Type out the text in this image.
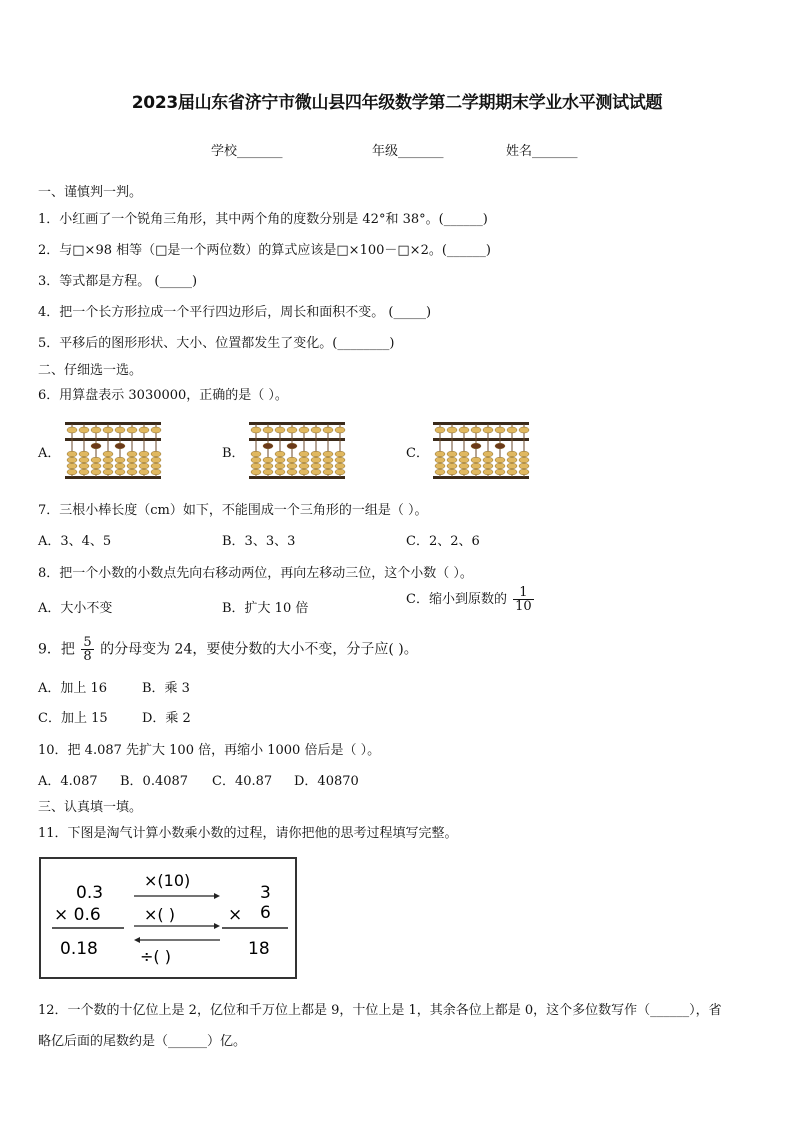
2023届山东省济宁市微山县四年级数学第二学期期末学业水平测试试题
学校_______	年级_______	姓名_______
一、谨慎判一判。
1．小红画了一个锐角三角形，其中两个角的度数分别是 42°和 38°。(______)
2．与□×98 相等（□是一个两位数）的算式应该是□×100－□×2。(______)
3．等式都是方程。 (_____)
4．把一个长方形拉成一个平行四边形后，周长和面积不变。 (_____)
5．平移后的图形形状、大小、位置都发生了变化。(________)
二、仔细选一选。
6．用算盘表示 3030000，正确的是（ ）。
A．	B．	C．
7．三根小棒长度（cm）如下，不能围成一个三角形的一组是（ ）。
A．3、4、5	B．3、3、3	C．2、2、6
8．把一个小数的小数点先向右移动两位，再向左移动三位，这个小数（ ）。
A．大小不变	B．扩大 10 倍
C．缩小到原数的 $\frac{1}{10}$
9．把 $\frac{5}{8}$ 的分母变为 24，要使分数的大小不变，分子应( )。
A．加上 16	B．乘 3
C．加上 15	D．乘 2
10．把 4.087 先扩大 100 倍，再缩小 1000 倍后是（ ）。
A．4.087 B．0.4087 C．40.87 D．40870
三、认真填一填。
11．下图是淘气计算小数乘小数的过程，请你把他的思考过程填写完整。
0.3
× 0.6
0.18
×(10)
×( )
÷( )
3
× 6
18
12．一个数的十亿位上是 2，亿位和千万位上都是 9，十位上是 1，其余各位上都是 0，这个多位数写作（______），省
略亿后面的尾数约是（______）亿。
